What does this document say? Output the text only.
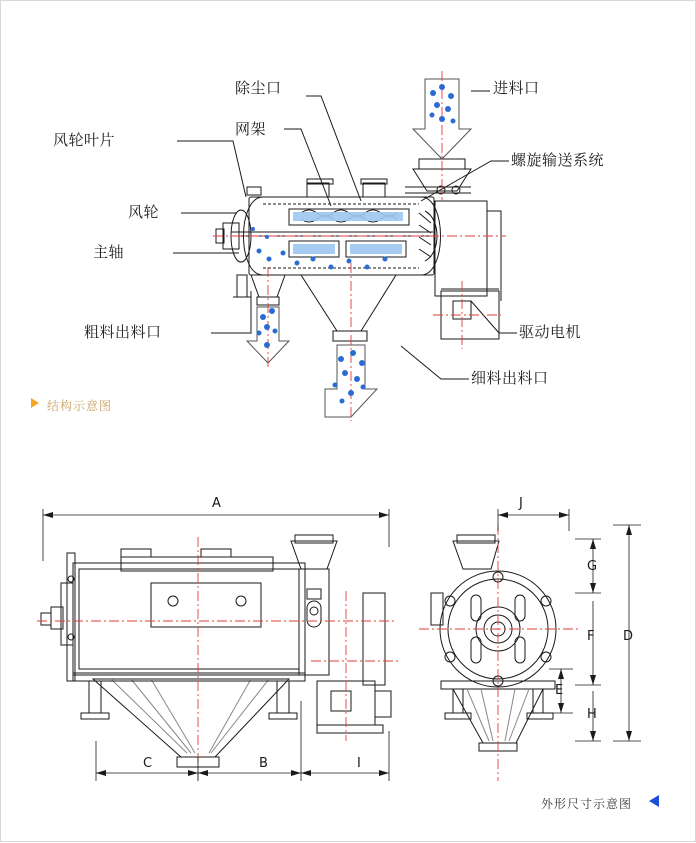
除尘口
网架
风轮叶片
风轮
主轴
粗料出料口
进料口
螺旋输送系统
驱动电机
细料出料口
结构示意图
A
C	B	I
J
G
F D
E
H
外形尺寸示意图
